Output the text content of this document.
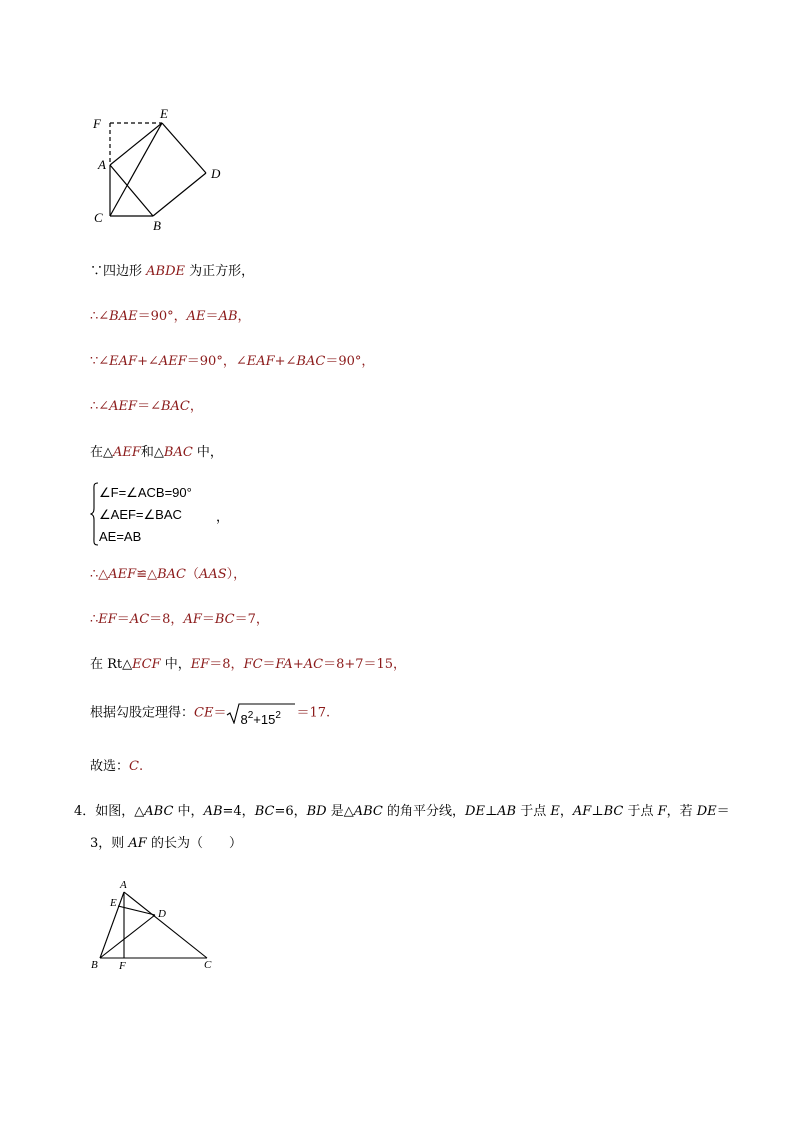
F
E
A
D
C
B
∵四边形 ABDE 为正方形，
∴∠BAE＝90°，AE＝AB，
∵∠EAF+∠AEF＝90°，∠EAF+∠BAC＝90°，
∴∠AEF＝∠BAC，
在△AEF和△BAC 中，
∠F=∠ACB=90°
∠AEF=∠BAC
AE=AB
，
∴△AEF≌△BAC（AAS），
∴EF＝AC＝8，AF＝BC＝7，
在 Rt△ECF 中，EF＝8，FC＝FA+AC＝8+7＝15，
根据勾股定理得：$CE= 8^2+15^2 =17$.
故选：C.
4．如图，△ABC 中，AB=4，BC=6，BD 是△ABC 的角平分线，DE⊥AB 于点 E，AF⊥BC 于点 F，若 DE＝
3，则 AF 的长为（　　）
A
E
D
B F	C
